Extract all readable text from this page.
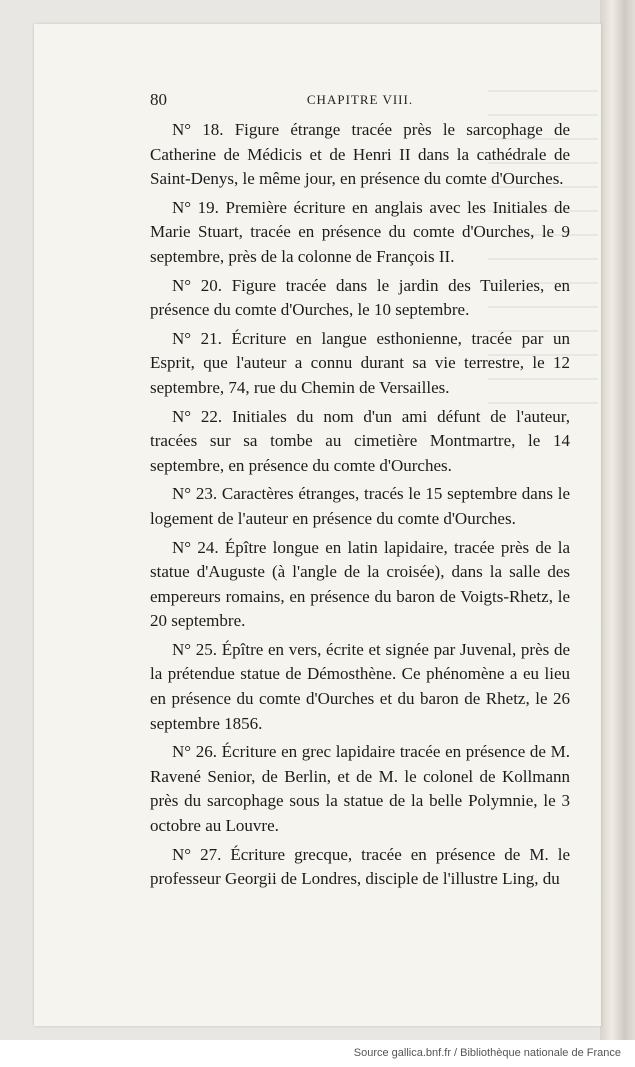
80	CHAPITRE VIII.

N° 18. Figure étrange tracée près le sarcophage de Catherine de Médicis et de Henri II dans la cathédrale de Saint-Denys, le même jour, en présence du comte d'Ourches.

N° 19. Première écriture en anglais avec les Initiales de Marie Stuart, tracée en présence du comte d'Ourches, le 9 septembre, près de la colonne de François II.

N° 20. Figure tracée dans le jardin des Tuileries, en présence du comte d'Ourches, le 10 septembre.

N° 21. Écriture en langue esthonienne, tracée par un Esprit, que l'auteur a connu durant sa vie terrestre, le 12 septembre, 74, rue du Chemin de Versailles.

N° 22. Initiales du nom d'un ami défunt de l'auteur, tracées sur sa tombe au cimetière Montmartre, le 14 septembre, en présence du comte d'Ourches.

N° 23. Caractères étranges, tracés le 15 septembre dans le logement de l'auteur en présence du comte d'Ourches.

N° 24. Épître longue en latin lapidaire, tracée près de la statue d'Auguste (à l'angle de la croisée), dans la salle des empereurs romains, en présence du baron de Voigts-Rhetz, le 20 septembre.

N° 25. Épître en vers, écrite et signée par Juvenal, près de la prétendue statue de Démosthène. Ce phénomène a eu lieu en présence du comte d'Ourches et du baron de Rhetz, le 26 septembre 1856.

N° 26. Écriture en grec lapidaire tracée en présence de M. Ravené Senior, de Berlin, et de M. le colonel de Kollmann près du sarcophage sous la statue de la belle Polymnie, le 3 octobre au Louvre.

N° 27. Écriture grecque, tracée en présence de M. le professeur Georgii de Londres, disciple de l'illustre Ling, du

Source gallica.bnf.fr / Bibliothèque nationale de France
